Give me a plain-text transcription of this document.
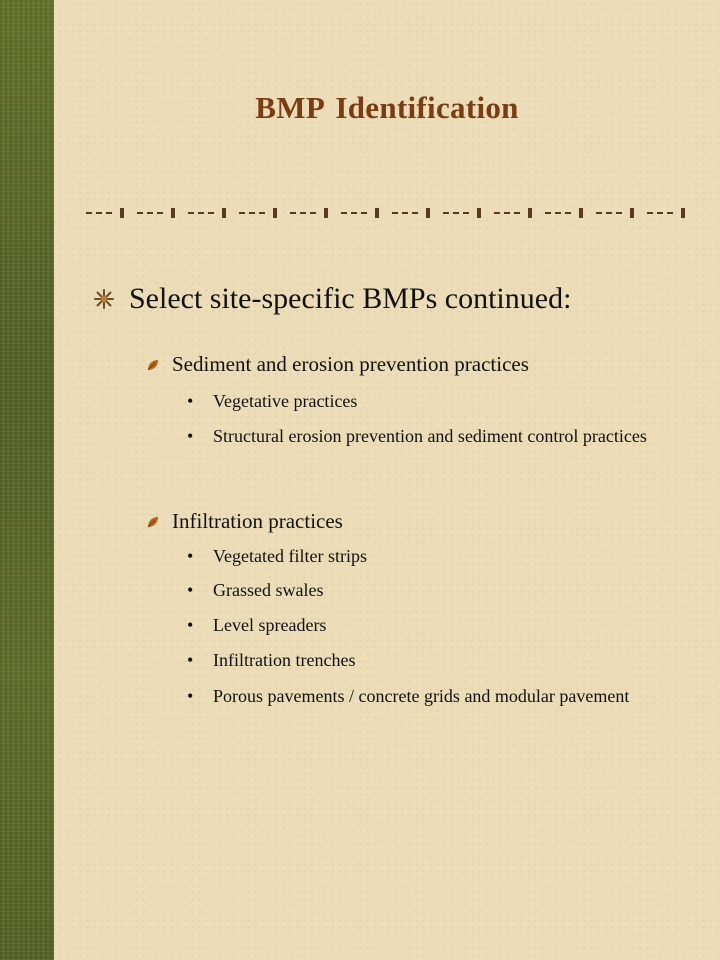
BMP Identification
Select site-specific BMPs continued:
Sediment and erosion prevention practices
•	Vegetative practices
•	Structural erosion prevention and sediment control practices
Infiltration practices
•	Vegetated filter strips
•	Grassed swales
•	Level spreaders
•	Infiltration trenches
•	Porous pavements / concrete grids and modular pavement
